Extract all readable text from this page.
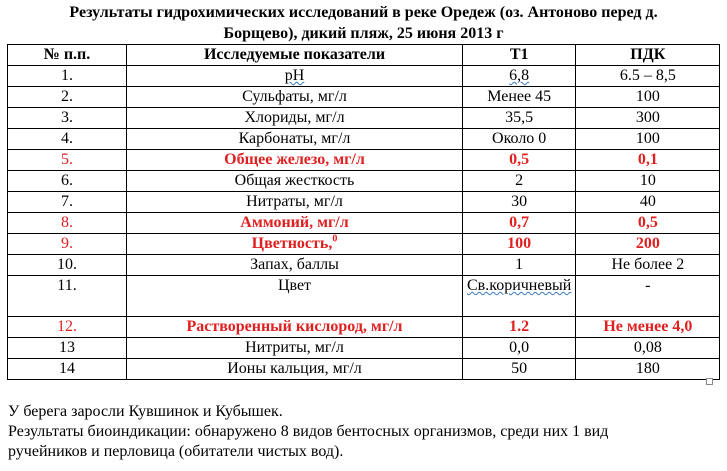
Результаты гидрохимических исследований в реке Оредеж (оз. Антоново перед д.
Борщево), дикий пляж, 25 июня 2013 г
№ п.п.	Исследуемые показатели	Т1	ПДК
1.	pH	6,8	6.5 – 8,5
2.	Сульфаты, мг/л	Менее 45	100
3.	Хлориды, мг/л	35,5	300
4.	Карбонаты, мг/л	Около 0	100
5.	Общее железо, мг/л	0,5	0,1
6.	Общая жесткость	2	10
7.	Нитраты, мг/л	30	40
8.	Аммоний, мг/л	0,7	0,5
9.	Цветность,$^0$	100	200
10.	Запах, баллы	1	Не более 2
11.	Цвет	Св.коричневый	-
12.	Растворенный кислород, мг/л	1.2	Не менее 4,0
13	Нитриты, мг/л	0,0	0,08
14	Ионы кальция, мг/л	50	180
У берега заросли Кувшинок и Кубышек.
Результаты биоиндикации: обнаружено 8 видов бентосных организмов, среди них 1 вид
ручейников и перловица (обитатели чистых вод).
